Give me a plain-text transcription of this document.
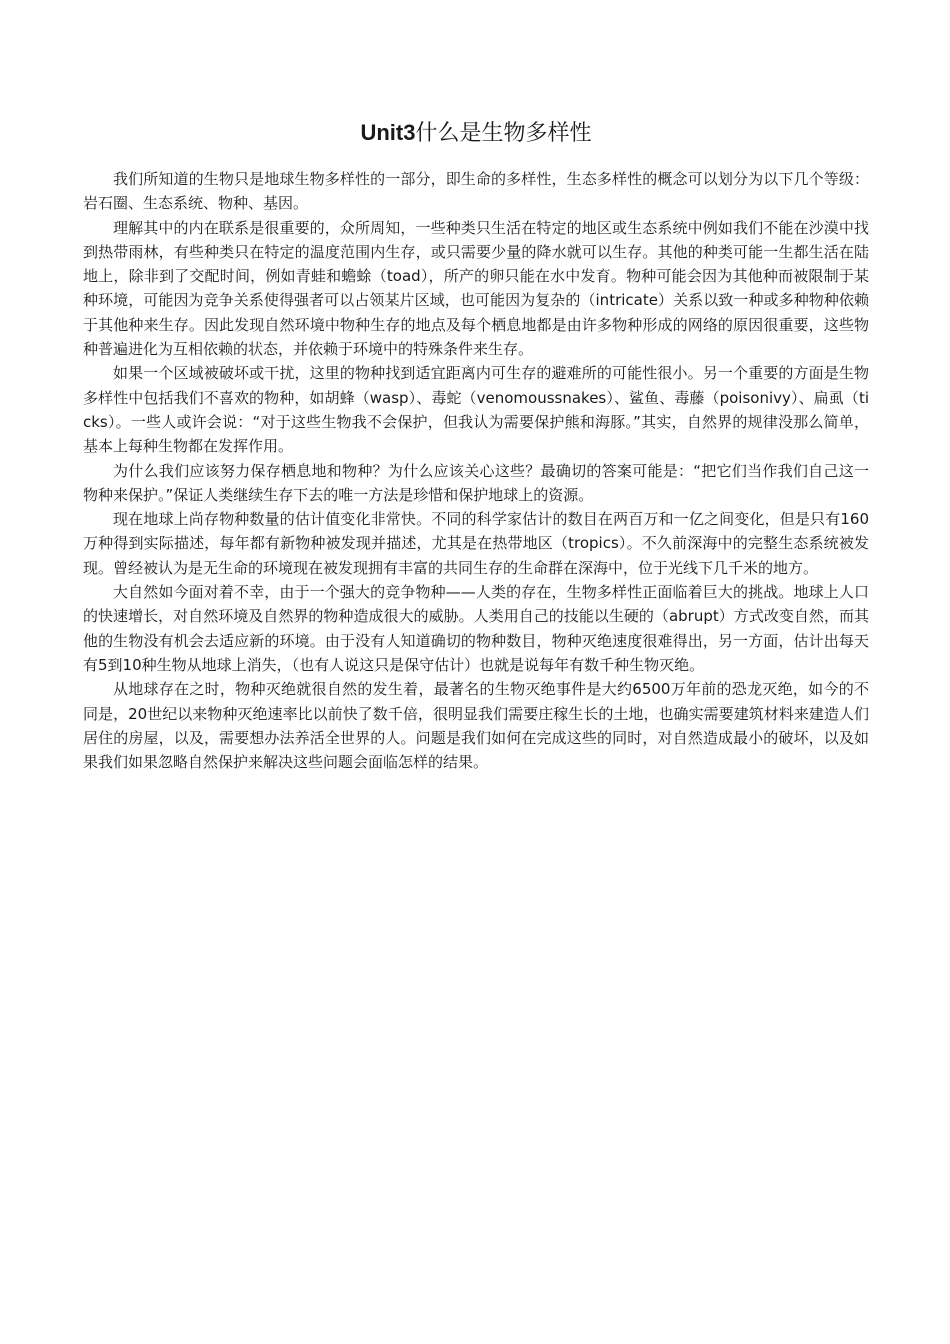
Unit3什么是生物多样性

我们所知道的生物只是地球生物多样性的一部分，即生命的多样性，生态多样性的概念可以划分为以下几个等级：岩石圈、生态系统、物种、基因。

理解其中的内在联系是很重要的，众所周知，一些种类只生活在特定的地区或生态系统中例如我们不能在沙漠中找到热带雨林，有些种类只在特定的温度范围内生存，或只需要少量的降水就可以生存。其他的种类可能一生都生活在陆地上，除非到了交配时间，例如青蛙和蟾蜍（toad），所产的卵只能在水中发育。物种可能会因为其他种而被限制于某种环境，可能因为竞争关系使得强者可以占领某片区域，也可能因为复杂的（intricate）关系以致一种或多种物种依赖于其他种来生存。因此发现自然环境中物种生存的地点及每个栖息地都是由许多物种形成的网络的原因很重要，这些物种普遍进化为互相依赖的状态，并依赖于环境中的特殊条件来生存。

如果一个区域被破坏或干扰，这里的物种找到适宜距离内可生存的避难所的可能性很小。另一个重要的方面是生物多样性中包括我们不喜欢的物种，如胡蜂（wasp）、毒蛇（venomoussnakes）、鲨鱼、毒藤（poisonivy）、扁虱（ticks）。一些人或许会说：“对于这些生物我不会保护，但我认为需要保护熊和海豚。”其实，自然界的规律没那么简单，基本上每种生物都在发挥作用。

为什么我们应该努力保存栖息地和物种？为什么应该关心这些？最确切的答案可能是：“把它们当作我们自己这一物种来保护。”保证人类继续生存下去的唯一方法是珍惜和保护地球上的资源。

现在地球上尚存物种数量的估计值变化非常快。不同的科学家估计的数目在两百万和一亿之间变化，但是只有160万种得到实际描述，每年都有新物种被发现并描述，尤其是在热带地区（tropics）。不久前深海中的完整生态系统被发现。曾经被认为是无生命的环境现在被发现拥有丰富的共同生存的生命群在深海中，位于光线下几千米的地方。

大自然如今面对着不幸，由于一个强大的竞争物种——人类的存在，生物多样性正面临着巨大的挑战。地球上人口的快速增长，对自然环境及自然界的物种造成很大的威胁。人类用自己的技能以生硬的（abrupt）方式改变自然，而其他的生物没有机会去适应新的环境。由于没有人知道确切的物种数目，物种灭绝速度很难得出，另一方面，估计出每天有5到10种生物从地球上消失，（也有人说这只是保守估计）也就是说每年有数千种生物灭绝。

从地球存在之时，物种灭绝就很自然的发生着，最著名的生物灭绝事件是大约6500万年前的恐龙灭绝，如今的不同是，20世纪以来物种灭绝速率比以前快了数千倍，很明显我们需要庄稼生长的土地，也确实需要建筑材料来建造人们居住的房屋，以及，需要想办法养活全世界的人。问题是我们如何在完成这些的同时，对自然造成最小的破坏，以及如果我们如果忽略自然保护来解决这些问题会面临怎样的结果。
